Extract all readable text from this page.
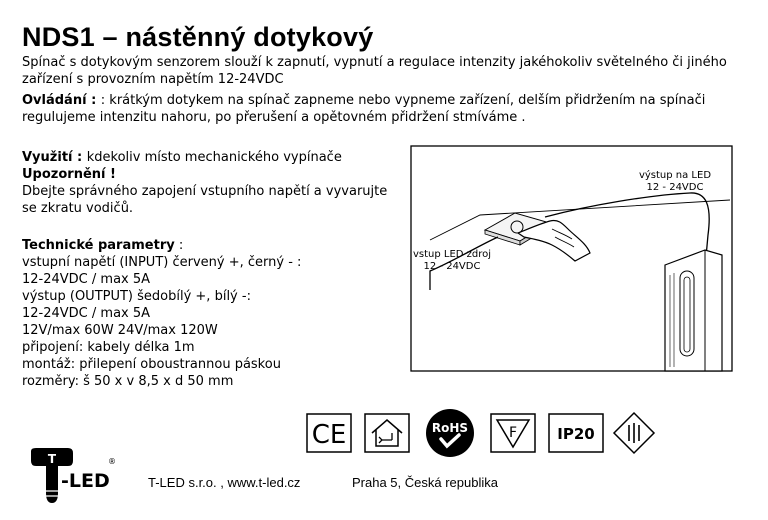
NDS1 – nástěnný dotykový
Spínač s dotykovým senzorem slouží k zapnutí, vypnutí a regulace intenzity jakéhokoliv světelného či jiného
zařízení s provozním napětím 12-24VDC
Ovládání : : krátkým dotykem na spínač zapneme nebo vypneme zařízení, delším přidržením na spínači
regulujeme intenzitu nahoru, po přerušení a opětovném přidržení stmíváme .
Využití : kdekoliv místo mechanického vypínače
Upozornění !
Dbejte správného zapojení vstupního napětí a vyvarujte
se zkratu vodičů.
Technické parametry :
vstupní napětí (INPUT) červený +, černý - :
12-24VDC / max 5A
výstup (OUTPUT) šedobílý +, bílý -:
12-24VDC / max 5A
12V/max 60W 24V/max 120W
připojení: kabely délka 1m
montáž: přilepení oboustrannou páskou
rozměry: š 50 x v 8,5 x d 50 mm
výstup na LED
12 - 24VDC
vstup LED zdroj
12 - 24VDC
CE	RoHS	F	IP20
T
-LED
®
T-LED s.r.o. , www.t-led.cz	Praha 5, Česká republika
